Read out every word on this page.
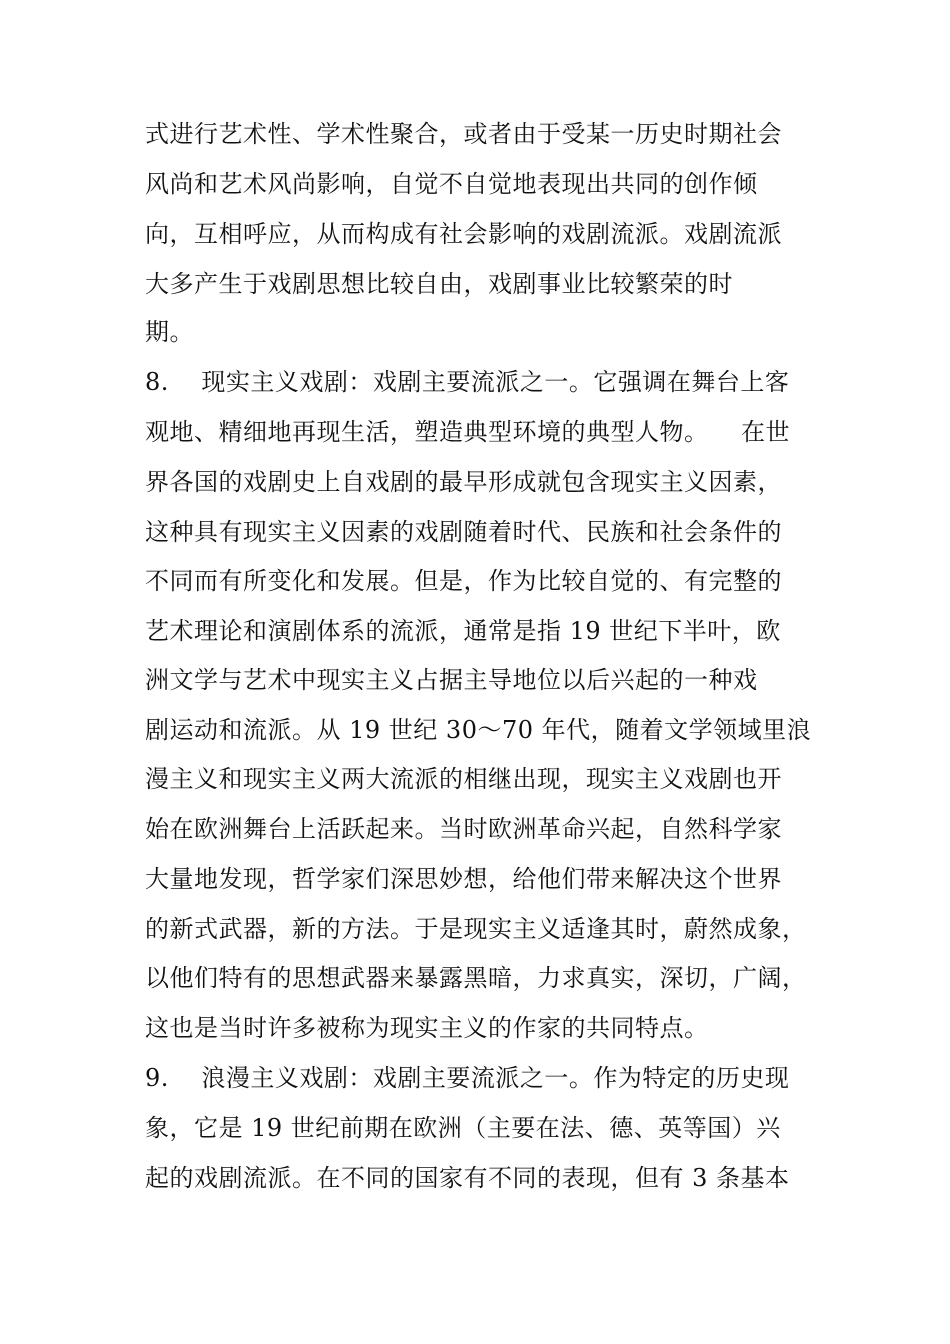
式进行艺术性、学术性聚合，或者由于受某一历史时期社会
风尚和艺术风尚影响，自觉不自觉地表现出共同的创作倾
向，互相呼应，从而构成有社会影响的戏剧流派。戏剧流派
大多产生于戏剧思想比较自由，戏剧事业比较繁荣的时
期。
8.    现实主义戏剧：戏剧主要流派之一。它强调在舞台上客
观地、精细地再现生活，塑造典型环境的典型人物。    在世
界各国的戏剧史上自戏剧的最早形成就包含现实主义因素，
这种具有现实主义因素的戏剧随着时代、民族和社会条件的
不同而有所变化和发展。但是，作为比较自觉的、有完整的
艺术理论和演剧体系的流派，通常是指 19 世纪下半叶，欧
洲文学与艺术中现实主义占据主导地位以后兴起的一种戏
剧运动和流派。从 19 世纪 30～70 年代，随着文学领域里浪
漫主义和现实主义两大流派的相继出现，现实主义戏剧也开
始在欧洲舞台上活跃起来。当时欧洲革命兴起，自然科学家
大量地发现，哲学家们深思妙想，给他们带来解决这个世界
的新式武器，新的方法。于是现实主义适逢其时，蔚然成象，
以他们特有的思想武器来暴露黑暗，力求真实，深切，广阔，
这也是当时许多被称为现实主义的作家的共同特点。
9.    浪漫主义戏剧：戏剧主要流派之一。作为特定的历史现
象，它是 19 世纪前期在欧洲（主要在法、德、英等国）兴
起的戏剧流派。在不同的国家有不同的表现，但有 3 条基本
